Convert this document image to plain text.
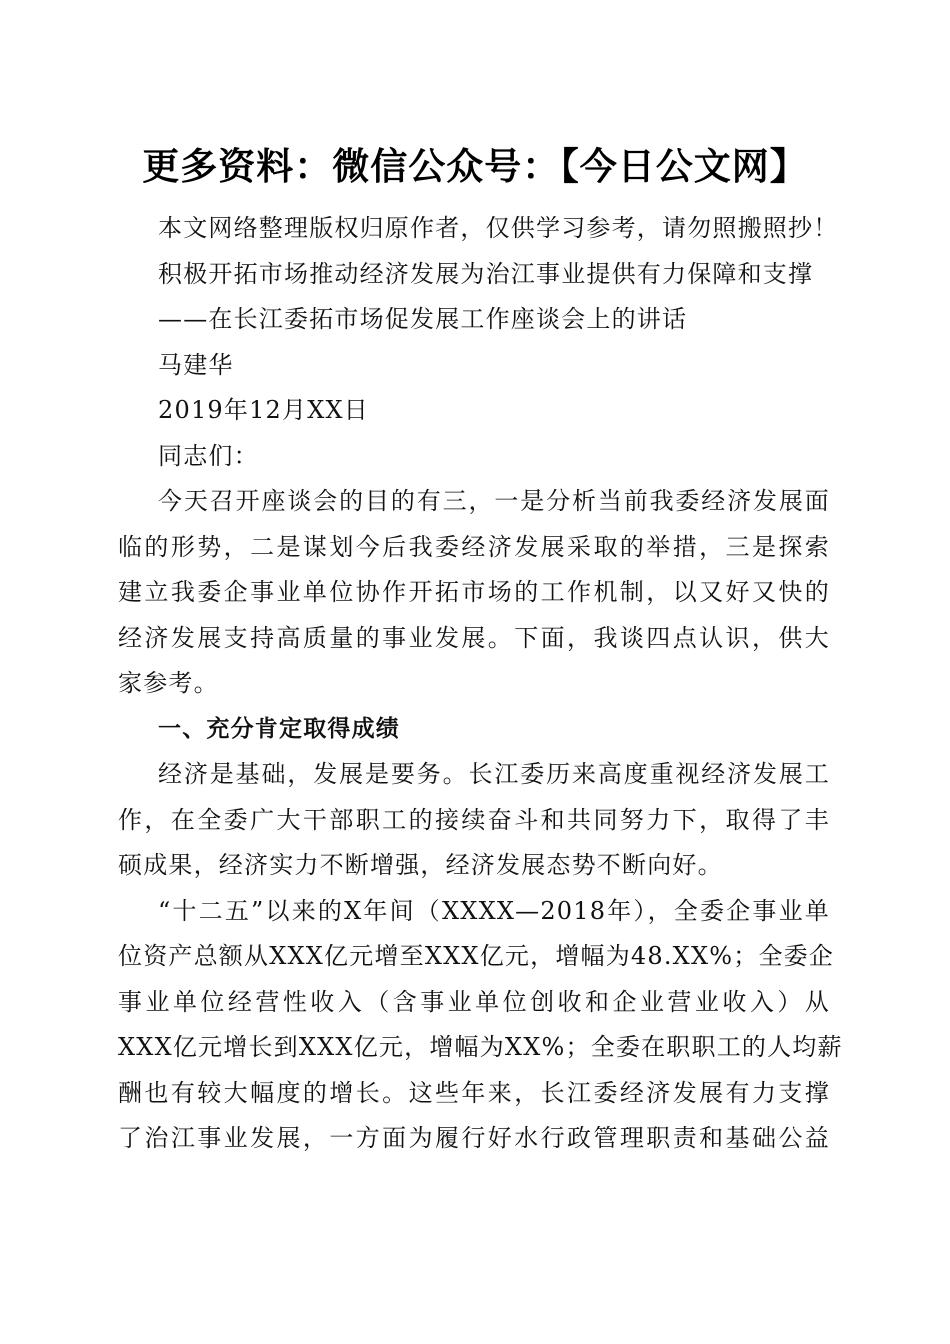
更多资料：微信公众号：【今日公文网】

本文网络整理版权归原作者，仅供学习参考，请勿照搬照抄！

积极开拓市场推动经济发展为治江事业提供有力保障和支撑

——在长江委拓市场促发展工作座谈会上的讲话

马建华

2019年12月XX日

同志们：

今天召开座谈会的目的有三，一是分析当前我委经济发展面

临的形势，二是谋划今后我委经济发展采取的举措，三是探索

建立我委企事业单位协作开拓市场的工作机制，以又好又快的

经济发展支持高质量的事业发展。下面，我谈四点认识，供大

家参考。

一、充分肯定取得成绩

经济是基础，发展是要务。长江委历来高度重视经济发展工

作，在全委广大干部职工的接续奋斗和共同努力下，取得了丰

硕成果，经济实力不断增强，经济发展态势不断向好。

“十二五”以来的X年间（XXXX—2018年），全委企事业单

位资产总额从XXX亿元增至XXX亿元，增幅为48.XX%；全委企

事业单位经营性收入（含事业单位创收和企业营业收入）从

XXX亿元增长到XXX亿元，增幅为XX%；全委在职职工的人均薪

酬也有较大幅度的增长。这些年来，长江委经济发展有力支撑

了治江事业发展，一方面为履行好水行政管理职责和基础公益
